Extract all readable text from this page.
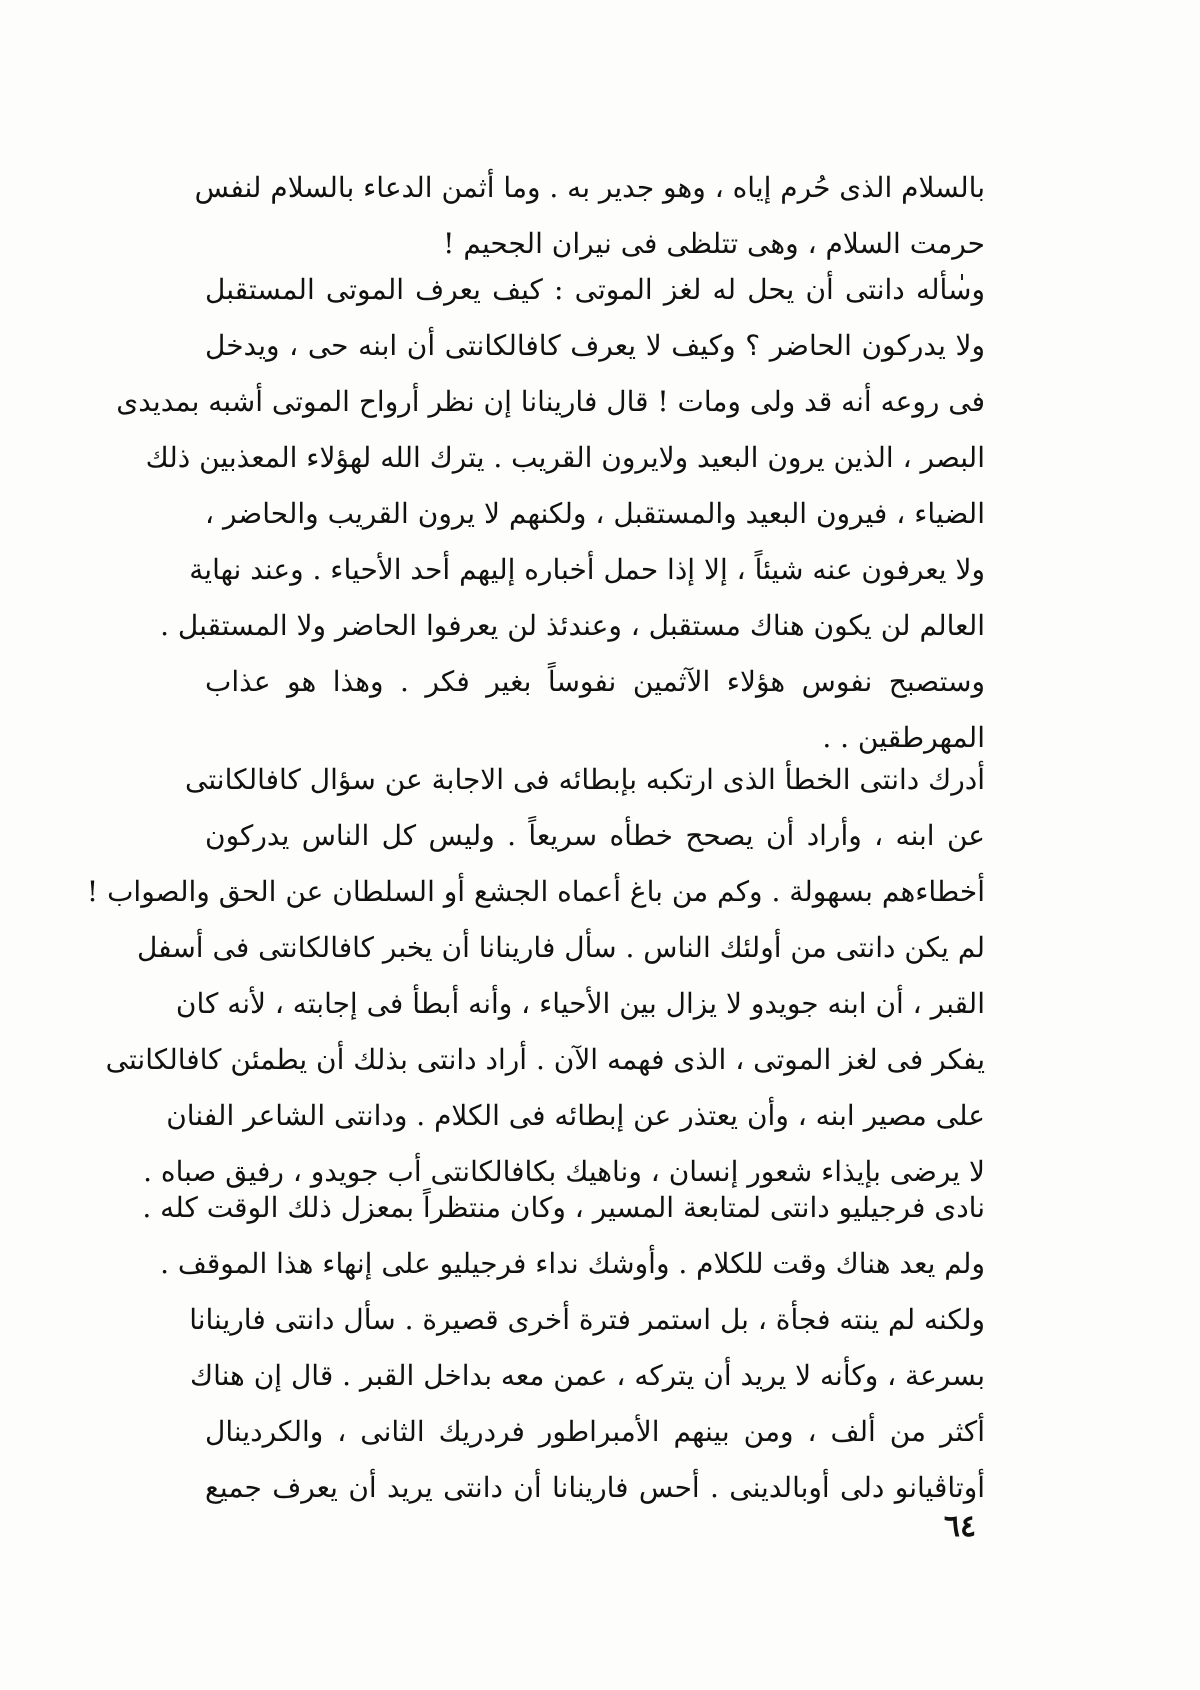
بالسلام الذى حُرم إياه ، وهو جدير به . وما أثمن الدعاء بالسلام لنفس
حرمت السلام ، وهى تتلظى فى نيران الجحيم !
وسأله دانتى أن يحل له لغز الموتى : كيف يعرف الموتى المستقبل
ولا يدركون الحاضر ؟ وكيف لا يعرف كافالكانتى أن ابنه حى ، ويدخل
فى روعه أنه قد ولى ومات ! قال فارينانا إن نظر أرواح الموتى أشبه بمديدى
البصر ، الذين يرون البعيد ولايرون القريب . يترك الله لهؤلاء المعذبين ذلك
الضياء ، فيرون البعيد والمستقبل ، ولكنهم لا يرون القريب والحاضر ،
ولا يعرفون عنه شيئاً ، إلا إذا حمل أخباره إليهم أحد الأحياء . وعند نهاية
العالم لن يكون هناك مستقبل ، وعندئذ لن يعرفوا الحاضر ولا المستقبل .
وستصبح نفوس هؤلاء الآثمين نفوساً بغير فكر . وهذا هو عذاب
المهرطقين . .
أدرك دانتى الخطأ الذى ارتكبه بإبطائه فى الاجابة عن سؤال كافالكانتى
عن ابنه ، وأراد أن يصحح خطأه سريعاً . وليس كل الناس يدركون
أخطاءهم بسهولة . وكم من باغ أعماه الجشع أو السلطان عن الحق والصواب !
لم يكن دانتى من أولئك الناس . سأل فارينانا أن يخبر كافالكانتى فى أسفل
القبر ، أن ابنه جويدو لا يزال بين الأحياء ، وأنه أبطأ فى إجابته ، لأنه كان
يفكر فى لغز الموتى ، الذى فهمه الآن . أراد دانتى بذلك أن يطمئن كافالكانتى
على مصير ابنه ، وأن يعتذر عن إبطائه فى الكلام . ودانتى الشاعر الفنان
لا يرضى بإيذاء شعور إنسان ، وناهيك بكافالكانتى أب جويدو ، رفيق صباه .
نادى فرجيليو دانتى لمتابعة المسير ، وكان منتظراً بمعزل ذلك الوقت كله .
ولم يعد هناك وقت للكلام . وأوشك نداء فرجيليو على إنهاء هذا الموقف .
ولكنه لم ينته فجأة ، بل استمر فترة أخرى قصيرة . سأل دانتى فارينانا
بسرعة ، وكأنه لا يريد أن يتركه ، عمن معه بداخل القبر . قال إن هناك
أكثر من ألف ، ومن بينهم الأمبراطور فردريك الثانى ، والكردينال
أوتاڤيانو دلى أوبالدينى . أحس فارينانا أن دانتى يريد أن يعرف جميع
٦٤
